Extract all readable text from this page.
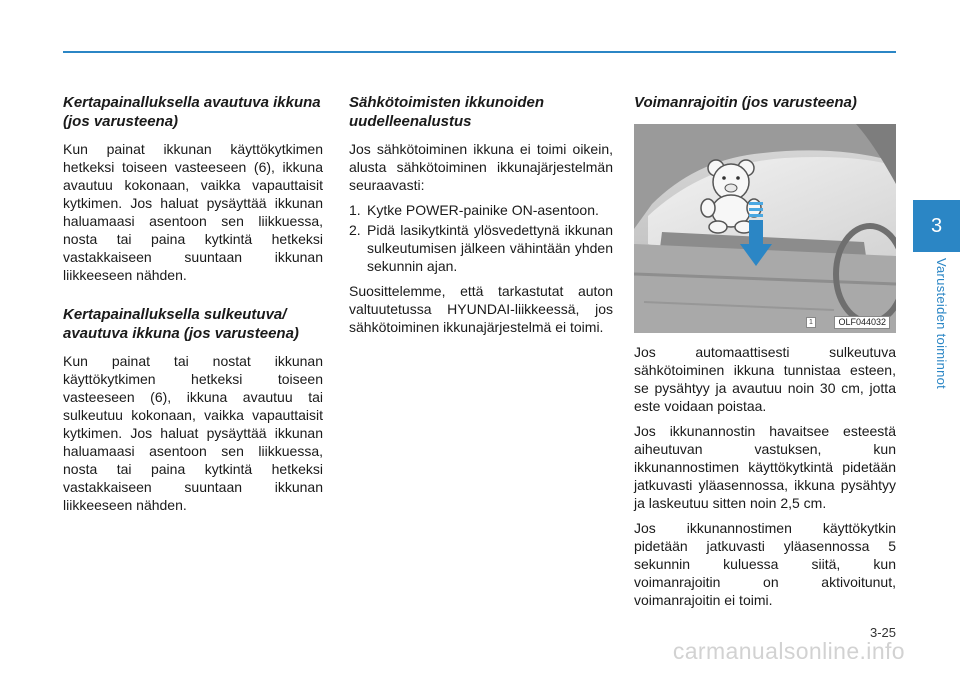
Kertapainalluksella avautuva ikkuna (jos varusteena)

Kun painat ikkunan käyttökytkimen hetkeksi toiseen vasteeseen (6), ikkuna avautuu kokonaan, vaikka vapauttaisit kytkimen. Jos haluat pysäyttää ikkunan haluamaasi asentoon sen liikkuessa, nosta tai paina kytkintä hetkeksi vastakkaiseen suuntaan ikkunan liikkeeseen nähden.

Kertapainalluksella sulkeutuva/ avautuva ikkuna (jos varusteena)

Kun painat tai nostat ikkunan käyttökytkimen hetkeksi toiseen vasteeseen (6), ikkuna avautuu tai sulkeutuu kokonaan, vaikka vapauttaisit kytkimen. Jos haluat pysäyttää ikkunan haluamaasi asentoon sen liikkuessa, nosta tai paina kytkintä hetkeksi vastakkaiseen suuntaan ikkunan liikkeeseen nähden.

Sähkötoimisten ikkunoiden uudelleenalustus

Jos sähkötoiminen ikkuna ei toimi oikein, alusta sähkötoiminen ikkunajärjestelmän seuraavasti:

1. Kytke POWER-painike ON-asentoon.
2. Pidä lasikytkintä ylösvedettynä ikkunan sulkeutumisen jälkeen vähintään yhden sekunnin ajan.

Suosittelemme, että tarkastutat auton valtuutetussa HYUNDAI-liikkeessä, jos sähkötoiminen ikkunajärjestelmä ei toimi.

Voimanrajoitin (jos varusteena)
1	OLF044032

Jos automaattisesti sulkeutuva sähkötoiminen ikkuna tunnistaa esteen, se pysähtyy ja avautuu noin 30 cm, jotta este voidaan poistaa.

Jos ikkunannostin havaitsee esteestä aiheutuvan vastuksen, kun ikkunannostimen käyttökytkintä pidetään jatkuvasti yläasennossa, ikkuna pysähtyy ja laskeutuu sitten noin 2,5 cm.

Jos ikkunannostimen käyttökytkin pidetään jatkuvasti yläasennossa 5 sekunnin kuluessa siitä, kun voimanrajoitin on aktivoitunut, voimanrajoitin ei toimi.

3
Varusteiden toiminnot
3-25
carmanualsonline.info
